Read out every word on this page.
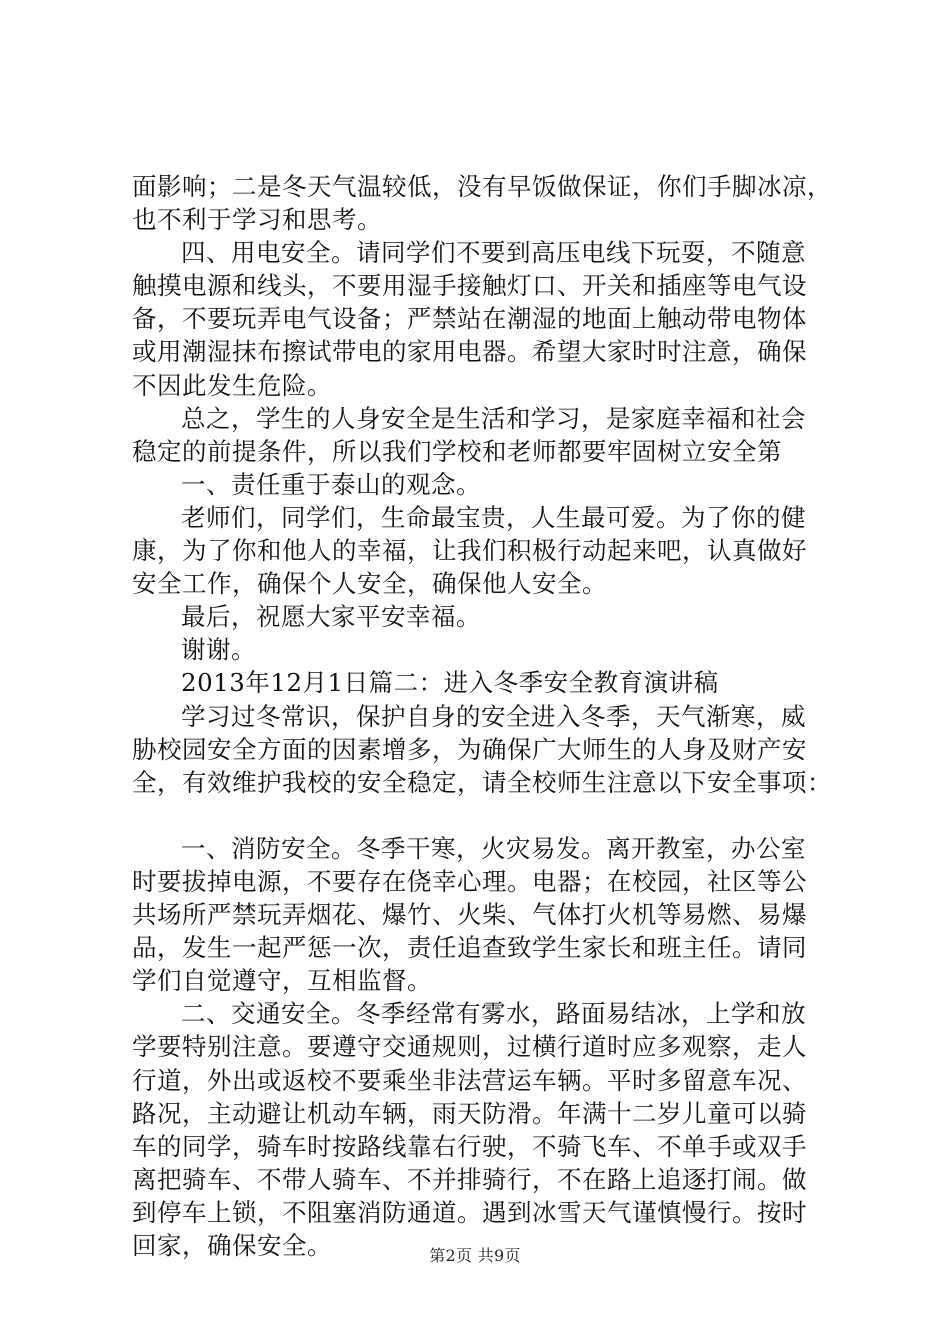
面影响；二是冬天气温较低，没有早饭做保证，你们手脚冰凉，
也不利于学习和思考。
四、用电安全。请同学们不要到高压电线下玩耍，不随意
触摸电源和线头，不要用湿手接触灯口、开关和插座等电气设
备，不要玩弄电气设备；严禁站在潮湿的地面上触动带电物体
或用潮湿抹布擦试带电的家用电器。希望大家时时注意，确保
不因此发生危险。
总之，学生的人身安全是生活和学习，是家庭幸福和社会
稳定的前提条件，所以我们学校和老师都要牢固树立安全第
一、责任重于泰山的观念。
老师们，同学们，生命最宝贵，人生最可爱。为了你的健
康，为了你和他人的幸福，让我们积极行动起来吧，认真做好
安全工作，确保个人安全，确保他人安全。
最后，祝愿大家平安幸福。
谢谢。
2013年12月1日篇二：进入冬季安全教育演讲稿
学习过冬常识，保护自身的安全进入冬季，天气渐寒，威
胁校园安全方面的因素增多，为确保广大师生的人身及财产安
全，有效维护我校的安全稳定，请全校师生注意以下安全事项：
一、消防安全。冬季干寒，火灾易发。离开教室，办公室
时要拔掉电源，不要存在侥幸心理。电器；在校园，社区等公
共场所严禁玩弄烟花、爆竹、火柴、气体打火机等易燃、易爆
品，发生一起严惩一次，责任追查致学生家长和班主任。请同
学们自觉遵守，互相监督。
二、交通安全。冬季经常有雾水，路面易结冰，上学和放
学要特别注意。要遵守交通规则，过横行道时应多观察，走人
行道，外出或返校不要乘坐非法营运车辆。平时多留意车况、
路况，主动避让机动车辆，雨天防滑。年满十二岁儿童可以骑
车的同学，骑车时按路线靠右行驶，不骑飞车、不单手或双手
离把骑车、不带人骑车、不并排骑行，不在路上追逐打闹。做
到停车上锁，不阻塞消防通道。遇到冰雪天气谨慎慢行。按时
回家，确保安全。	第2页 共9页
